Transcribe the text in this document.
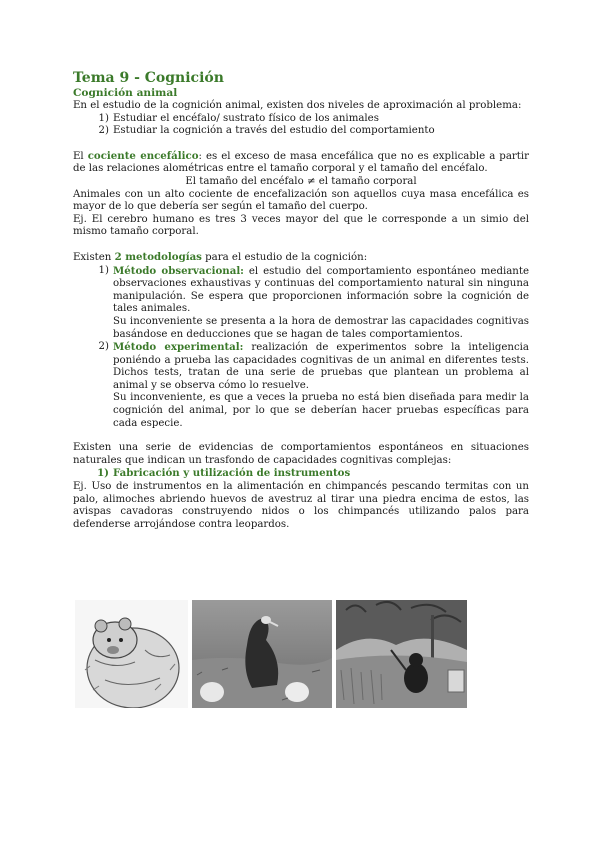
Tema 9 - Cognición
Cognición animal

En el estudio de la cognición animal, existen dos niveles de aproximación al problema:

1) Estudiar el encéfalo/ sustrato físico de los animales
2) Estudiar la cognición a través del estudio del comportamiento

El cociente encefálico: es el exceso de masa encefálica que no es explicable a partir de las relaciones alométricas entre el tamaño corporal y el tamaño del encéfalo.

El tamaño del encéfalo ≠ el tamaño corporal

Animales con un alto cociente de encefalización son aquellos cuya masa encefálica es mayor de lo que debería ser según el tamaño del cuerpo.

Ej. El cerebro humano es tres 3 veces mayor del que le corresponde a un simio del mismo tamaño corporal.

Existen 2 metodologías para el estudio de la cognición:

1) Método observacional: el estudio del comportamiento espontáneo mediante observaciones exhaustivas y continuas del comportamiento natural sin ninguna manipulación. Se espera que proporcionen información sobre la cognición de tales animales.

Su inconveniente se presenta a la hora de demostrar las capacidades cognitivas basándose en deducciones que se hagan de tales comportamientos.

2) Método experimental: realización de experimentos sobre la inteligencia poniéndo a prueba las capacidades cognitivas de un animal en diferentes tests. Dichos tests, tratan de una serie de pruebas que plantean un problema al animal y se observa cómo lo resuelve.

Su inconveniente, es que a veces la prueba no está bien diseñada para medir la cognición del animal, por lo que se deberían hacer pruebas específicas para cada especie.

Existen una serie de evidencias de comportamientos espontáneos en situaciones naturales que indican un trasfondo de capacidades cognitivas complejas:

1) Fabricación y utilización de instrumentos

Ej. Uso de instrumentos en la alimentación en chimpancés pescando termitas con un palo, alimoches abriendo huevos de avestruz al tirar una piedra encima de estos, las avispas cavadoras construyendo nidos o los chimpancés utilizando palos para defenderse arrojándose contra leopardos.
